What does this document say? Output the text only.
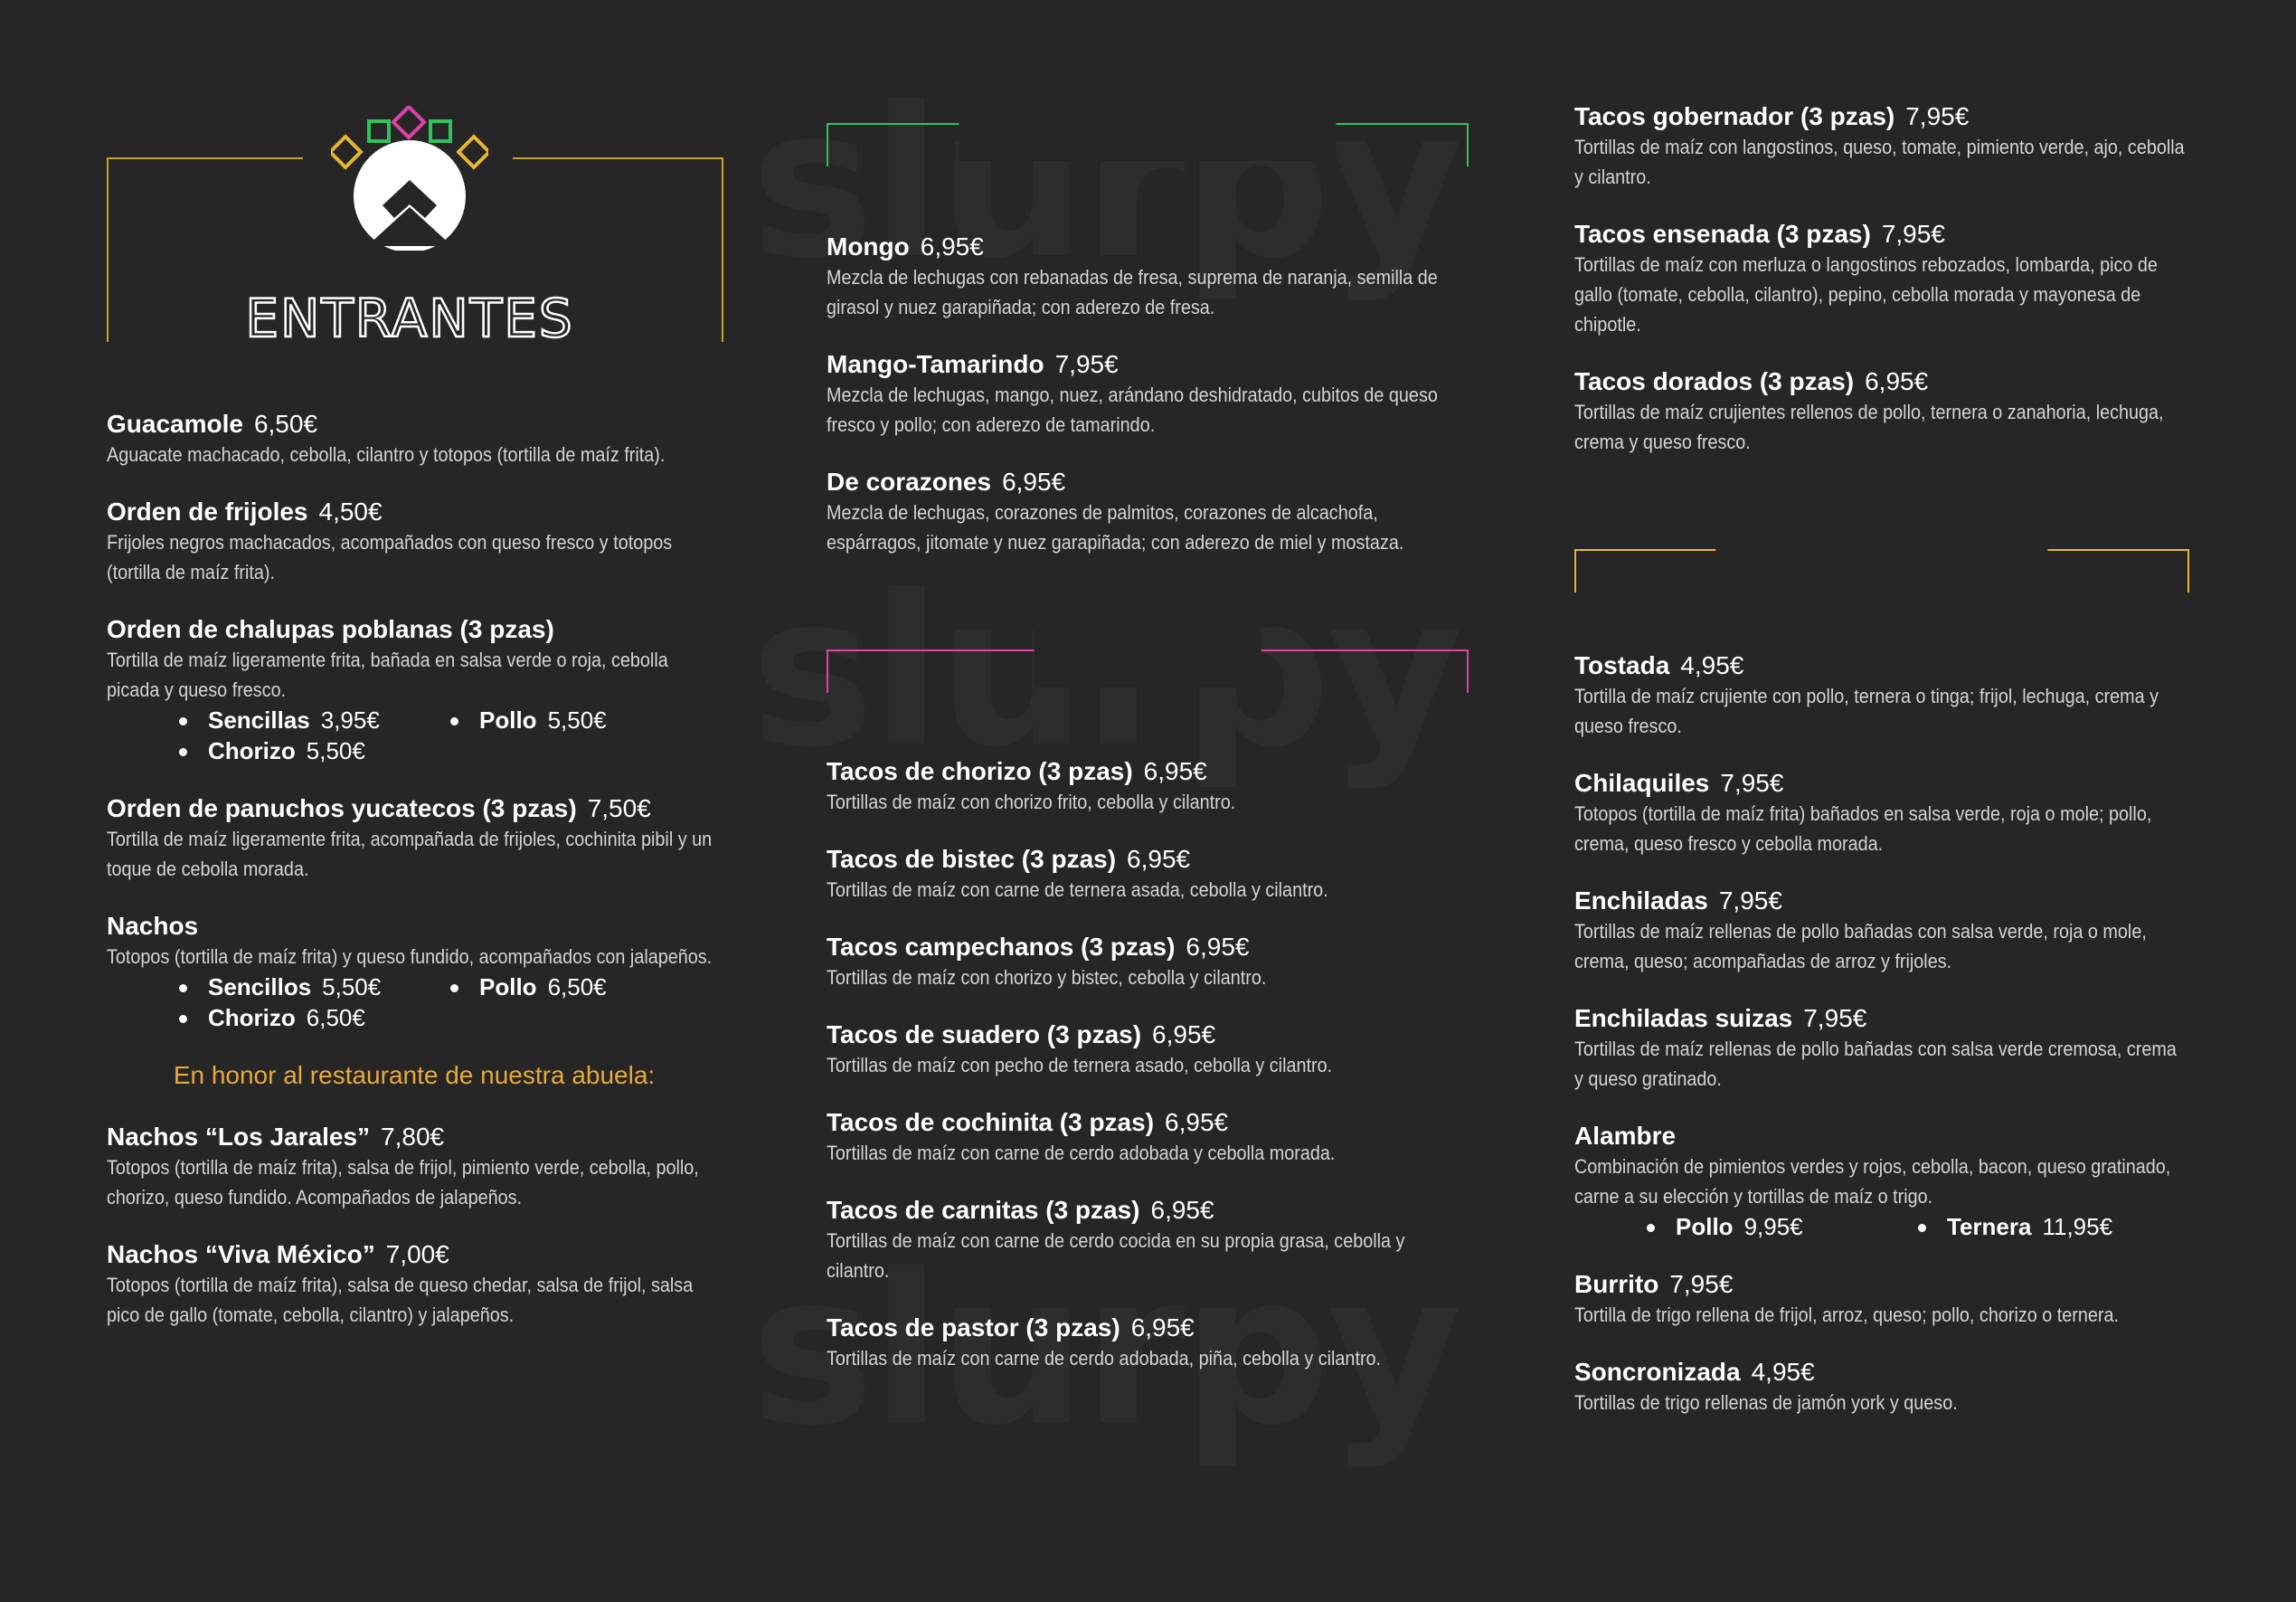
ENTRANTES
Guacamole 6,50€
Aguacate machacado, cebolla, cilantro y totopos (tortilla de maíz frita).
Orden de frijoles 4,50€
Frijoles negros machacados, acompañados con queso fresco y totopos (tortilla de maíz frita).
Orden de chalupas poblanas (3 pzas)
Tortilla de maíz ligeramente frita, bañada en salsa verde o roja, cebolla picada y queso fresco.
Sencillas 3,95€	Pollo 5,50€
Chorizo 5,50€
Orden de panuchos yucatecos (3 pzas) 7,50€
Tortilla de maíz ligeramente frita, acompañada de frijoles, cochinita pibil y un toque de cebolla morada.
Nachos
Totopos (tortilla de maíz frita) y queso fundido, acompañados con jalapeños.
Sencillos 5,50€	Pollo 6,50€
Chorizo 6,50€
En honor al restaurante de nuestra abuela:
Nachos “Los Jarales” 7,80€
Totopos (tortilla de maíz frita), salsa de frijol, pimiento verde, cebolla, pollo, chorizo, queso fundido. Acompañados de jalapeños.
Nachos “Viva México” 7,00€
Totopos (tortilla de maíz frita), salsa de queso chedar, salsa de frijol, salsa pico de gallo (tomate, cebolla, cilantro) y jalapeños.
ENSALADAS
Mongo 6,95€
Mezcla de lechugas con rebanadas de fresa, suprema de naranja, semilla de girasol y nuez garapiñada; con aderezo de fresa.
Mango-Tamarindo 7,95€
Mezcla de lechugas, mango, nuez, arándano deshidratado, cubitos de queso fresco y pollo; con aderezo de tamarindo.
De corazones 6,95€
Mezcla de lechugas, corazones de palmitos, corazones de alcachofa, espárragos, jitomate y nuez garapiñada; con aderezo de miel y mostaza.
TACOS
Tacos de chorizo (3 pzas) 6,95€
Tortillas de maíz con chorizo frito, cebolla y cilantro.
Tacos de bistec (3 pzas) 6,95€
Tortillas de maíz con carne de ternera asada, cebolla y cilantro.
Tacos campechanos (3 pzas) 6,95€
Tortillas de maíz con chorizo y bistec, cebolla y cilantro.
Tacos de suadero (3 pzas) 6,95€
Tortillas de maíz con pecho de ternera asado, cebolla y cilantro.
Tacos de cochinita (3 pzas) 6,95€
Tortillas de maíz con carne de cerdo adobada y cebolla morada.
Tacos de carnitas (3 pzas) 6,95€
Tortillas de maíz con carne de cerdo cocida en su propia grasa, cebolla y cilantro.
Tacos de pastor (3 pzas) 6,95€
Tortillas de maíz con carne de cerdo adobada, piña, cebolla y cilantro.
Tacos gobernador (3 pzas) 7,95€
Tortillas de maíz con langostinos, queso, tomate, pimiento verde, ajo, cebolla y cilantro.
Tacos ensenada (3 pzas) 7,95€
Tortillas de maíz con merluza o langostinos rebozados, lombarda, pico de gallo (tomate, cebolla, cilantro), pepino, cebolla morada y mayonesa de chipotle.
Tacos dorados (3 pzas) 6,95€
Tortillas de maíz crujientes rellenos de pollo, ternera o zanahoria, lechuga, crema y queso fresco.
PLATILLOS
Tostada 4,95€
Tortilla de maíz crujiente con pollo, ternera o tinga; frijol, lechuga, crema y queso fresco.
Chilaquiles 7,95€
Totopos (tortilla de maíz frita) bañados en salsa verde, roja o mole; pollo, crema, queso fresco y cebolla morada.
Enchiladas 7,95€
Tortillas de maíz rellenas de pollo bañadas con salsa verde, roja o mole, crema, queso; acompañadas de arroz y frijoles.
Enchiladas suizas 7,95€
Tortillas de maíz rellenas de pollo bañadas con salsa verde cremosa, crema y queso gratinado.
Alambre
Combinación de pimientos verdes y rojos, cebolla, bacon, queso gratinado, carne a su elección y tortillas de maíz o trigo.
Pollo 9,95€	Ternera 11,95€
Burrito 7,95€
Tortilla de trigo rellena de frijol, arroz, queso; pollo, chorizo o ternera.
Soncronizada 4,95€
Tortillas de trigo rellenas de jamón york y queso.
